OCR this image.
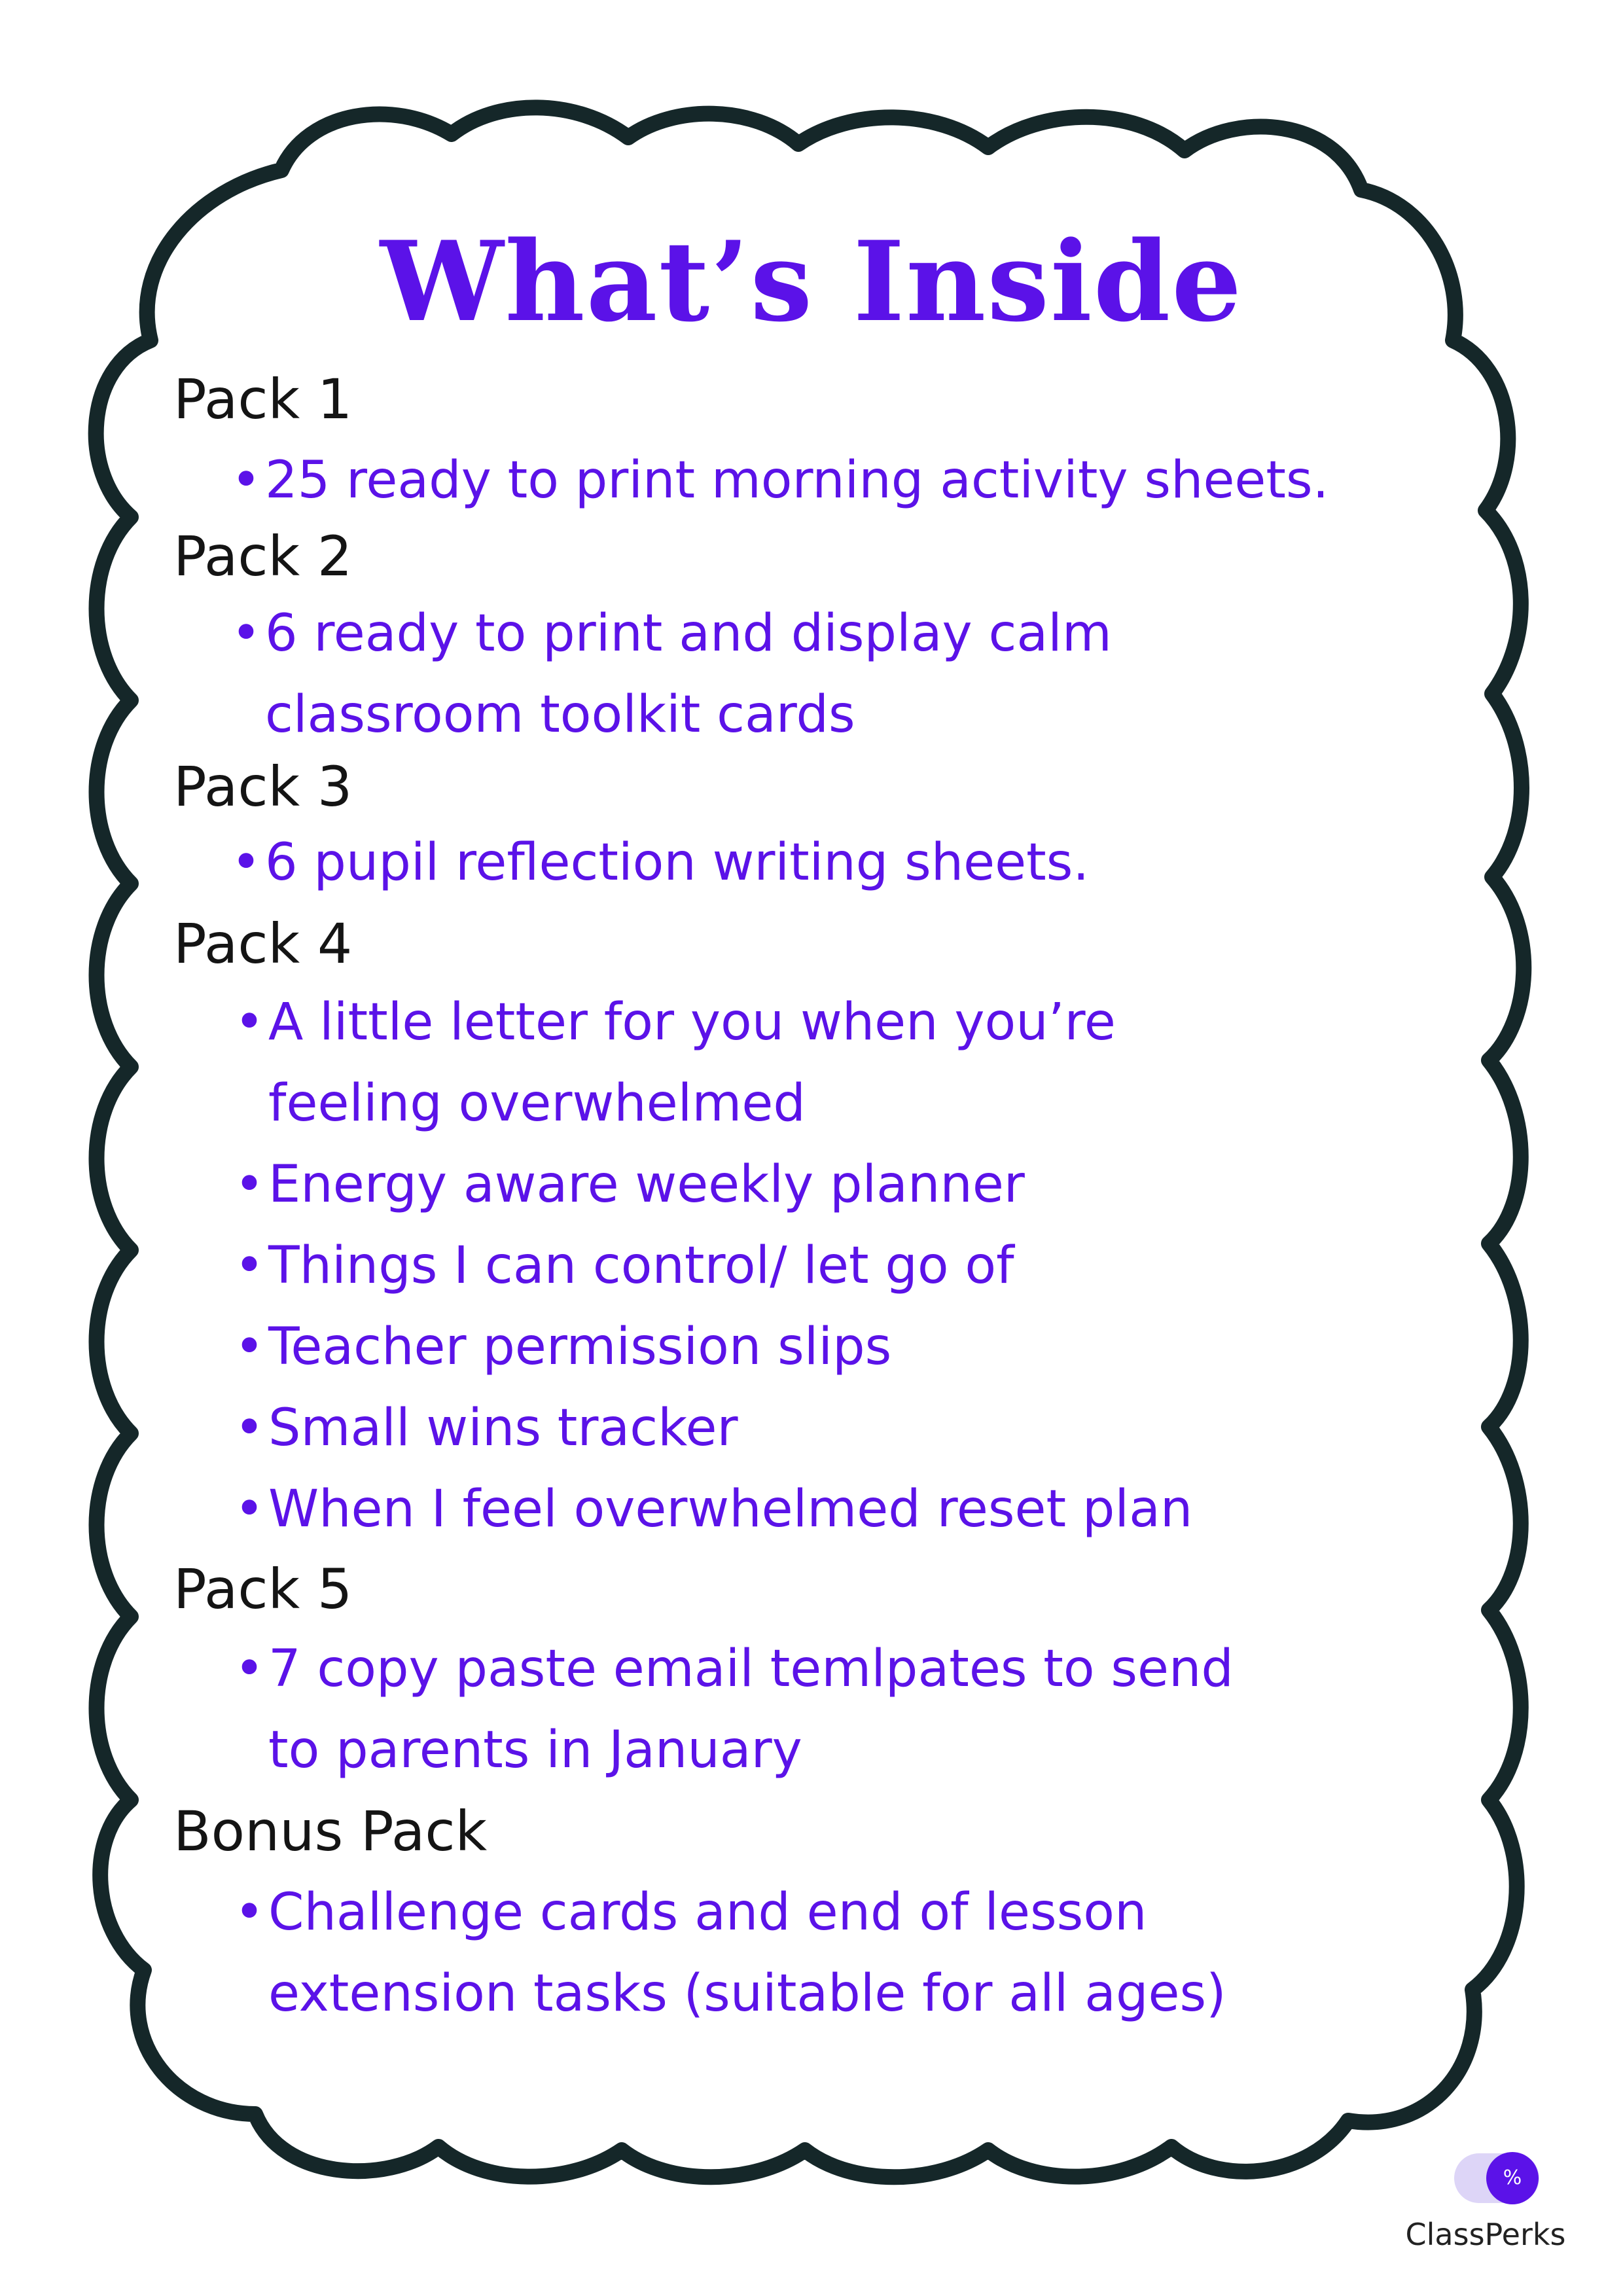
What’s Inside
Pack 1
• 25 ready to print morning activity sheets.
Pack 2
• 6 ready to print and display calm
classroom toolkit cards
Pack 3
• 6 pupil reflection writing sheets.
Pack 4
• A little letter for you when you’re
feeling overwhelmed
• Energy aware weekly planner
• Things I can control/ let go of
• Teacher permission slips
• Small wins tracker
• When I feel overwhelmed reset plan
Pack 5
• 7 copy paste email temlpates to send
to parents in January
Bonus Pack
• Challenge cards and end of lesson
extension tasks (suitable for all ages)
%
ClassPerks
